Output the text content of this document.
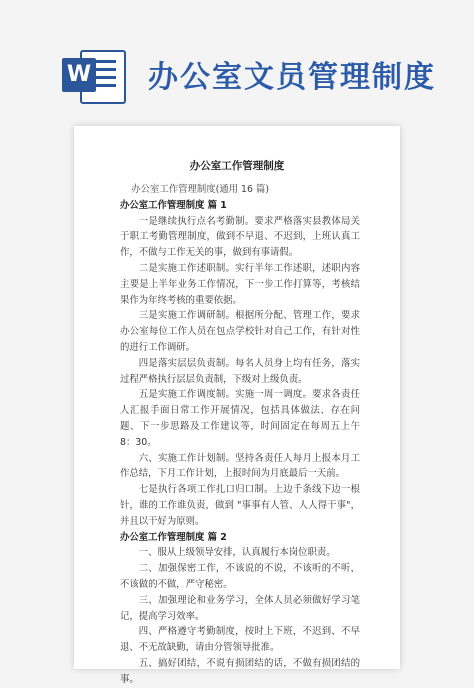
W 办公室文员管理制度
办公室工作管理制度

办公室工作管理制度(通用 16 篇)

办公室工作管理制度 篇 1

一是继续执行点名考勤制。要求严格落实县教体局关于职工考勤管理制度，做到不早退、不迟到，上班认真工作，不做与工作无关的事，做到有事请假。

二是实施工作述职制。实行半年工作述职，述职内容主要是上半年业务工作情况，下一步工作打算等，考核结果作为年终考核的重要依据。

三是实施工作调研制。根据所分配、管理工作，要求办公室每位工作人员在包点学校针对自己工作，有针对性的进行工作调研。

四是落实层层负责制。每名人员身上均有任务，落实过程严格执行层层负责制，下级对上级负责。

五是实施工作调度制。实施一周一调度。要求各责任人汇报手面日常工作开展情况，包括具体做法、存在问题、下一步思路及工作建议等，时间固定在每周五上午 8：30。

六、实施工作计划制。坚持各责任人每月上报本月工作总结，下月工作计划，上报时间为月底最后一天前。

七是执行各项工作扎口归口制。上边千条线下边一根针，谁的工作谁负责，做到 "事事有人管、人人得干事"，并且以干好为原则。

办公室工作管理制度 篇 2

一、服从上级领导安排，认真履行本岗位职责。

二、加强保密工作，不该说的不说，不该听的不听，不该做的不做，严守秘密。

三、加强理论和业务学习，全体人员必须做好学习笔记，提高学习效率。

四、严格遵守考勤制度，按时上下班，不迟到、不早退、不无故缺勤，请由分管领导批准。

五、搞好团结，不说有损团结的话，不做有损团结的事。
